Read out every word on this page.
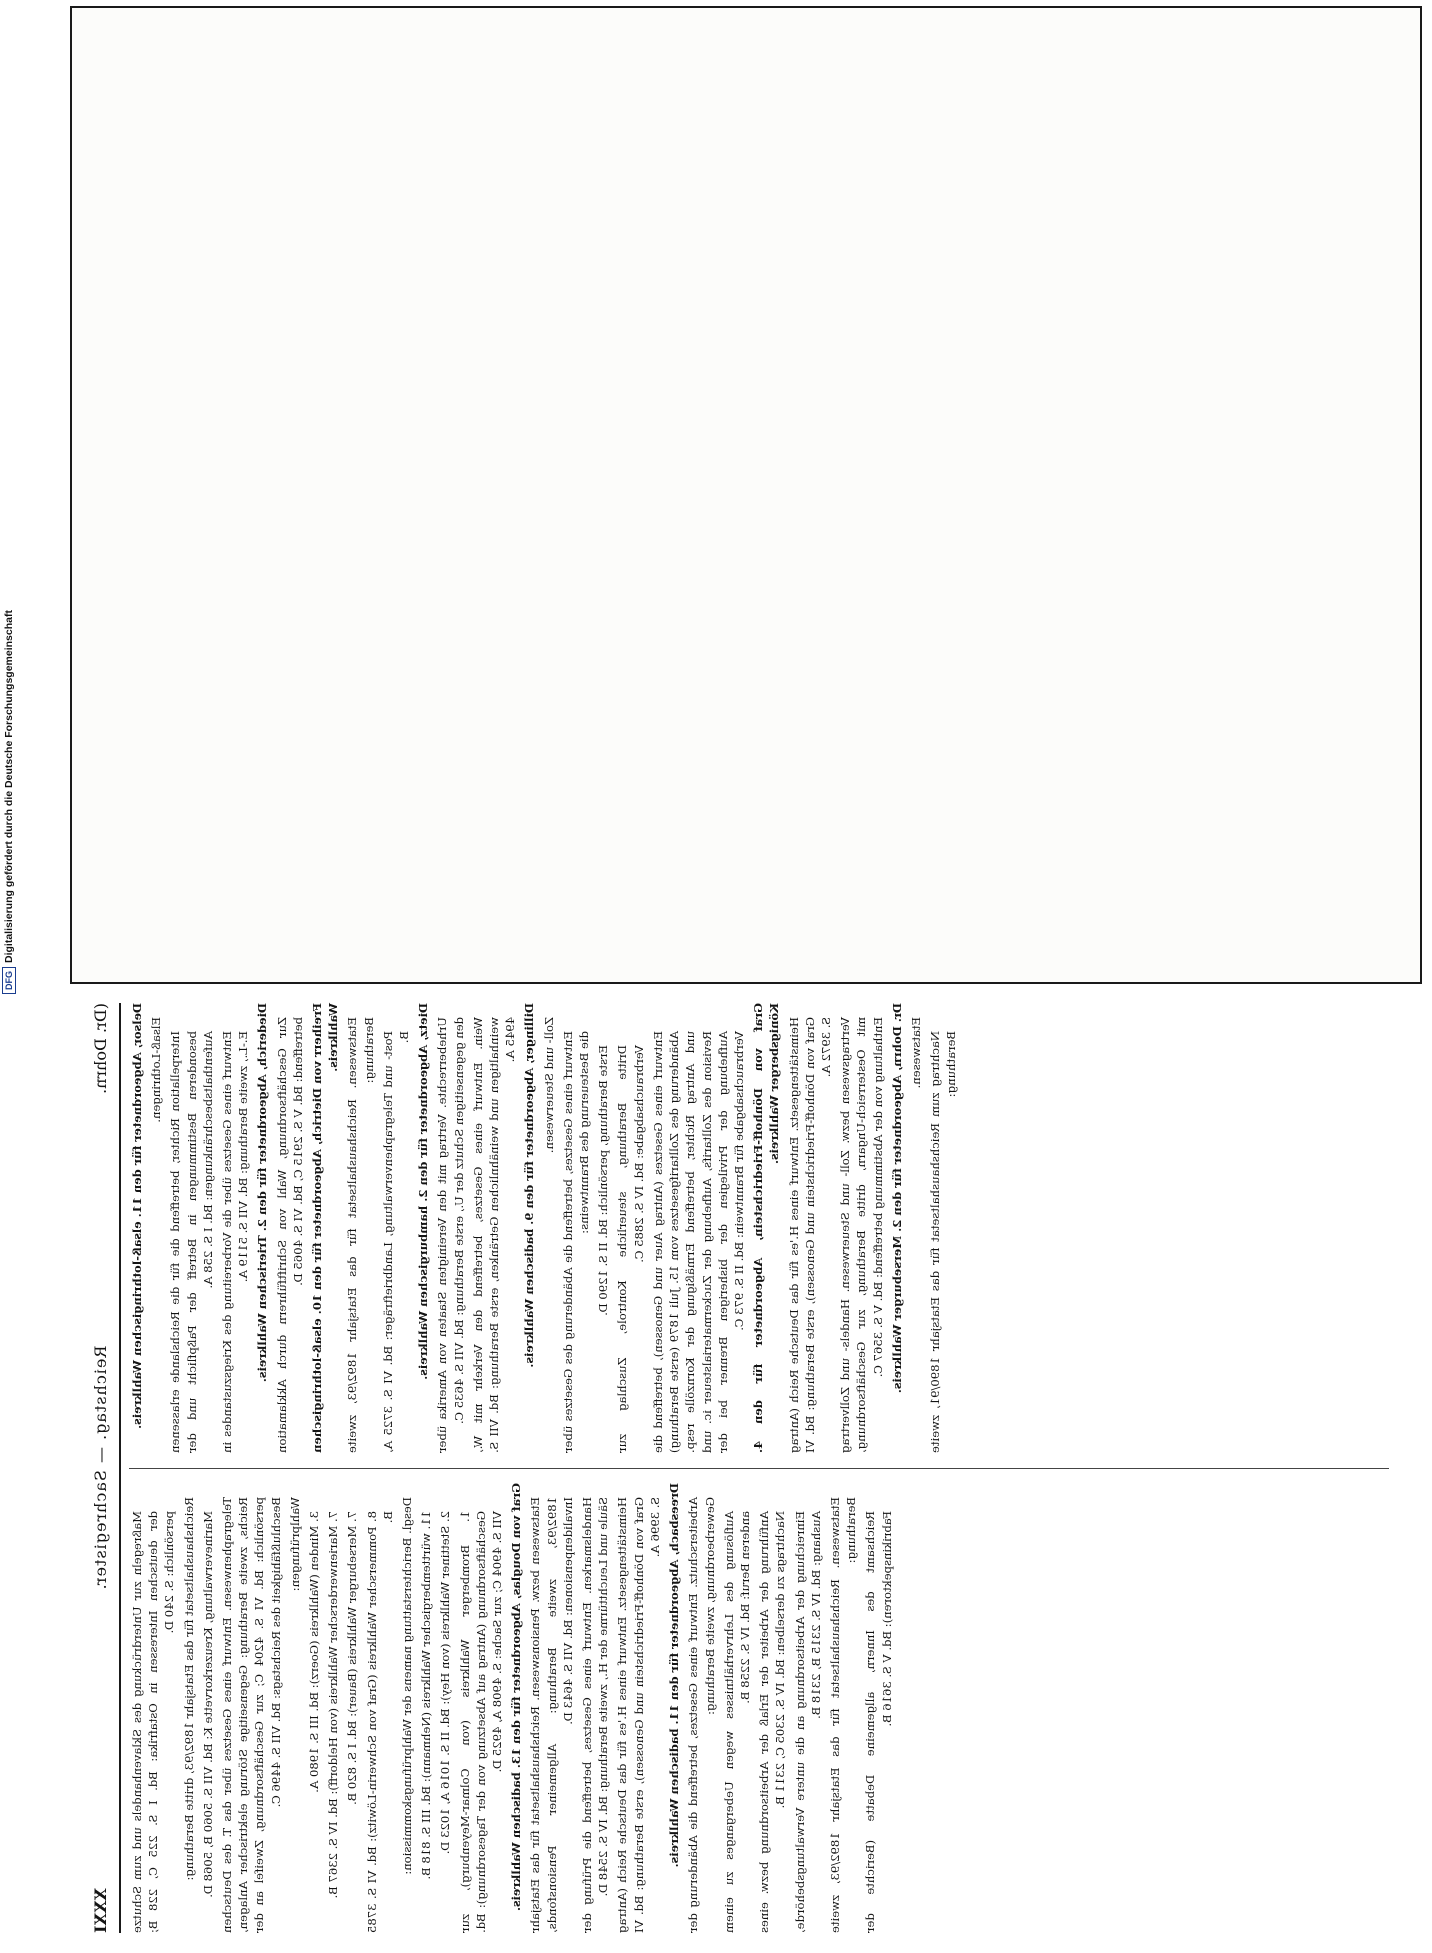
(Dr. Dohrn.
Reichstag. — Sachregister.
XXXI

Delsor, Abgeordneter für den 11. elsaß-lothringischen Wahlkreis. Elsaß-Lothringen. Interpellation Richter, betreffend die für die Reichslande erlassenen besonderen Bestimmungen in Betreff der Paßpflicht und der Aufenthaltsbeschränkungen: Bd. I S. 258 A. Entwurf eines Gesetzes über die Vorbereitung des Kriegszustandes in E.-L., zweite Berathung: Bd. VII S. 5119 A. Diederich, Abgeordneter für den 2. Trierischen Wahlkreis. Zur Geschäftsordnung, Wahl von Schriftführern durch Akklamation betreffend: Bd. V S. 2915 C, Bd. VI S. 4065 D. Freiherr von Dietrich, Abgeordneter für den 10. elsaß-lothringischen Wahlkreis. Etatswesen. Reichshaushaltsetat für das Etatsjahr 1892/93, zweite Berathung: Post- und Telegraphenverwaltung, Landbriefträger: Bd. VI S. 3725 A, B. Dietz, Abgeordneter für den 2. hamburgischen Wahlkreis. Urheberrechte. Vertrag mit den Vereinigten Staaten von Amerika über den gegenseitigen Schutz der U., erste Berathung: Bd. VII S. 4635 C. Wein. Entwurf eines Gesetzes, betreffend den Verkehr mit W., weinhaltigen und weinähnlichen Getränken, erste Berathung: Bd. VII S. 4945 A. Dillinger, Abgeordneter für den 9. badischen Wahlkreis. Zoll- und Steuerwesen. Entwurf eines Gesetzes, betreffend die Abänderung des Gesetzes über die Besteuerung des Branntweins: Erste Berathung, persönlich: Bd. II S. 1290 D. Dritte Berathung, steuerliche Kontrole, Zuschlag zur Verbrauchsabgabe: Bd. IV S. 2885 C. Entwurf eines Gesetzes (Antrag Auer und Genossen), betreffend die Abänderung des Zolltarifgesetzes vom 15. Juli 1879 (erste Berathung) und Antrag Richter, betreffend Ermäßigung der Kornzölle resp. Revision des Zolltarifs, Aufhebung der Zuckermaterialsteuer ic. und Aufhebung der Privilegien der bisherigen Brenner bei der Verbrauchsabgabe für Branntwein: Bd. II S. 973 C. Graf von Dönhoff-Friedrichstein, Abgeordneter für den 4. Königsberger Wahlkreis. Heimstättengesetz. Entwurf eines H.'es für das Deutsche Reich (Antrag Graf von Dönhoff-Friedrichstein und Genossen), erste Berathung: Bd. VI S. 3972 A. Vertragswesen bezw. Zoll- und Steuerwesen. Handels- und Zollvertrag mit Oesterreich-Ungarn, dritte Berathung, zur Geschäftsordnung, Enthaltung von der Abstimmung betreffend: Bd. V S. 3567 C. Dr. Dohrn, Abgeordneter für den 2. Merseburger Wahlkreis. Etatswesen. Nachtrag zum Reichshaushaltsetat für das Etatsjahr 1890/91, zweite Berathung:

Maßregeln zur Unterdrückung des Sklavenhandels und zum Schutze der deutschen Interessen in Ostafrika: Bd. I S. 225 C, 228 B; persönlich: S. 240 D. Reichshaushaltsetat für das Etatsjahr 1892/93, dritte Berathung: Marineverwaltung, Kreuzerkorvette K: Bd. VII S. 5060 B, 5068 D. Telegraphenwesen. Entwurf eines Gesetzes über das T. des Deutschen Reichs, zweite Berathung: Gegenseitige Störung elektrischer Anlagen, persönlich: Bd. VI S. 4204 C; zur Geschäftsordnung, Zweifel an der Beschlußfähigkeit des Reichstags: Bd. VII S. 4496 C. Wahlprüfungen: 3. Minden (Wahlkreis (Goerz): Bd. III S. 1980 A. 7. Marienwerderscher Wahlkreis (von Heldorff): Bd. IV S. 2367 B. 7. Merseburger Wahlkreis (Bauer): Bd. I S. 820 B. 8. Pommerscher Wahlkreis (Graf von Schwerin-Löwitz): Bd. VI S. 3785 B. Desgl. Berichterstattung namens der Wahlprüfungskommission: 11. württembergischer Wahlkreis (Nehmann): Bd. III S. 818 B. 2. Stettiner Wahlkreis (von Hey): Bd. II S. 1016 A, 1023 D. 1. Bromberger Wahlkreis (von Colmar-Meyenburg), zur Geschäftsordnung (Antrag auf Absetzung von der Tagesordnung): Bd. VII S. 4904 C; zur Sache: S. 4908 A, 4925 D. Graf von Douglas, Abgeordneter für den 13. badischen Wahlkreis. Etatswesen bezw. Pensionswesen. Reichshaushaltsetat für das Etatsjahr 1892/93, zweite Berathung: Allgemeiner Pensionsfonds, Invalidenpensionen: Bd. VII S. 4643 D. Handelsmarken. Entwurf eines Gesetzes, betreffend die Prüfung der Säule und Leuchttürme der H., zweite Berathung: Bd. IV S. 2548 D. Heimstättengesetz. Entwurf eines H.'es für das Deutsche Reich (Antrag Graf von Dönhoff-Friedrichstein und Genossen), erste Berathung: Bd. VI S. 3996 A. Dreesbach, Abgeordneter für den 11. badischen Wahlkreis. Arbeiterschutz. Entwurf eines Gesetzes, betreffend die Abänderung der Gewerbeordnung, zweite Berathung: Auflösung des Lehrverhältnisses wegen Ueberganges zu einem anderen Beruf: Bd. IV S. 2258 B. Anführung der Arbeiter der Erlaß der Arbeitsordnung bezw. eines Nachtrags zu derselben: Bd. IV S. 2305 C, 2311 B. Einreichung der Arbeitsordnung an die untere Verwaltungsbehörde, Aushang: Bd. IV S. 2315 B, 2318 B. Etatswesen. Reichshaushaltsetat für das Etatsjahr 1892/93, zweite Berathung: Reichsamt des Innern, allgemeine Debatte (Berichte der Fabrikinspektoren): Bd. V S. 3616 B.

DFGDigitalisierung gefördert durch die Deutsche Forschungsgemeinschaft
